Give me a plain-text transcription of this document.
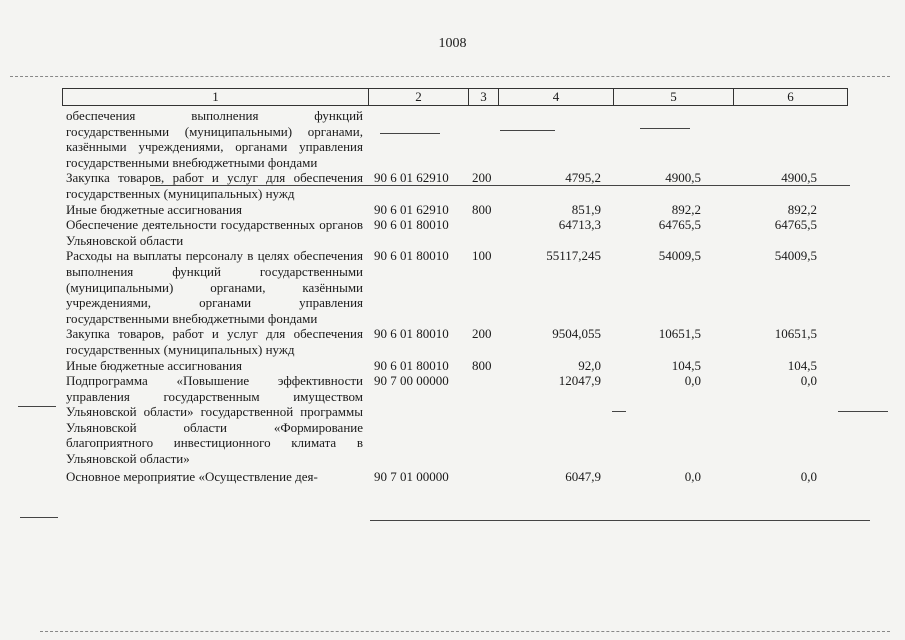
1008
1	2	3	4	5	6
обеспечения выполнения функций государственными (муниципальными) органами, казёнными учреждениями, органами управления государственными внебюджетными фондами
Закупка товаров, работ и услуг для обеспечения государственных (муниципальных) нужд
90 6 01 62910 200	4795,2	4900,5	4900,5
Иные бюджетные ассигнования	90 6 01 62910 800	851,9	892,2	892,2
Обеспечение деятельности государственных органов Ульяновской области
90 6 01 80010	64713,3	64765,5	64765,5
Расходы на выплаты персоналу в целях обеспечения выполнения функций государственными (муниципальными) органами, казёнными учреждениями, органами управления государственными внебюджетными фондами
90 6 01 80010 100	55117,245	54009,5	54009,5
Закупка товаров, работ и услуг для обеспечения государственных (муниципальных) нужд
90 6 01 80010 200	9504,055	10651,5	10651,5
Иные бюджетные ассигнования	90 6 01 80010 800	92,0	104,5	104,5
Подпрограмма «Повышение эффективности управления государственным имуществом Ульяновской области» государственной программы Ульяновской области «Формирование благоприятного инвестиционного климата в Ульяновской области»
90 7 00 00000	12047,9	0,0	0,0
Основное мероприятие «Осуществление дея-	90 7 01 00000	6047,9	0,0	0,0
